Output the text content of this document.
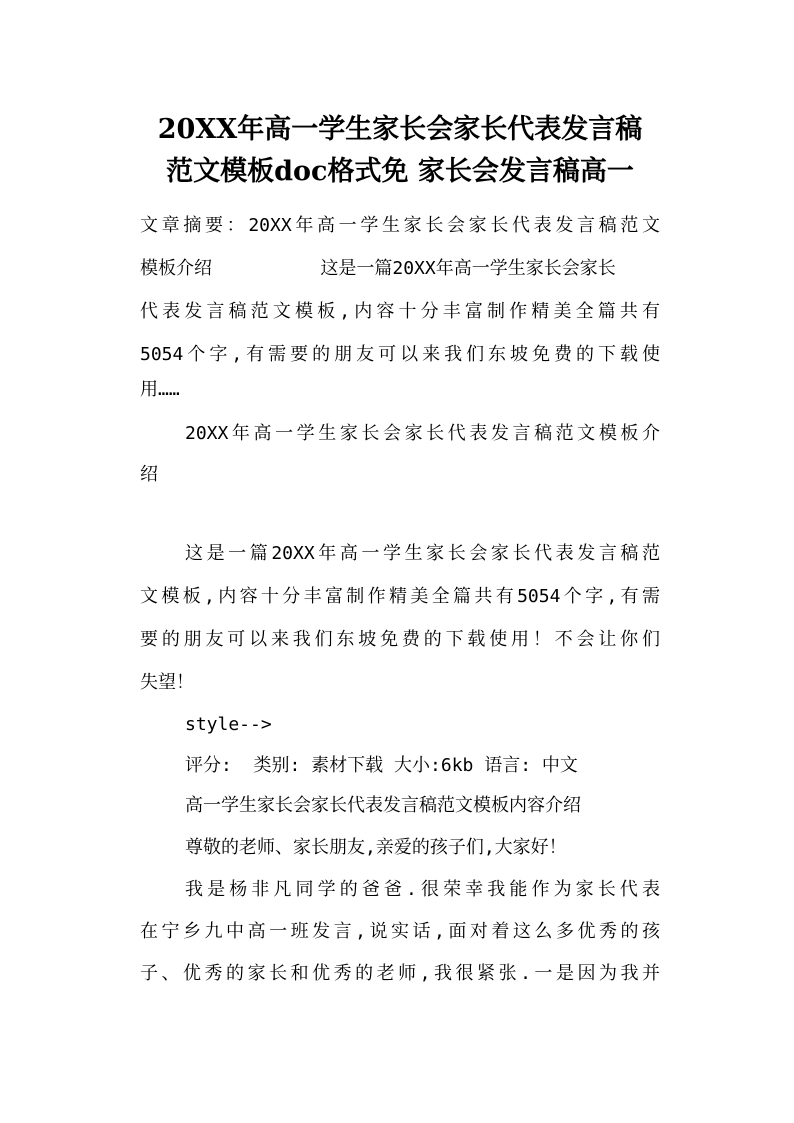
20XX年高一学生家长会家长代表发言稿
范文模板doc格式免 家长会发言稿高一
文章摘要：20XX年高一学生家长会家长代表发言稿范文
模板介绍          这是一篇20XX年高一学生家长会家长
代表发言稿范文模板,内容十分丰富制作精美全篇共有
5054个字,有需要的朋友可以来我们东坡免费的下载使
用……
20XX年高一学生家长会家长代表发言稿范文模板介
绍
这是一篇20XX年高一学生家长会家长代表发言稿范
文模板,内容十分丰富制作精美全篇共有5054个字,有需
要的朋友可以来我们东坡免费的下载使用！不会让你们
失望！
style-->
评分:  类别: 素材下载 大小:6kb 语言: 中文
高一学生家长会家长代表发言稿范文模板内容介绍
尊敬的老师、家长朋友,亲爱的孩子们,大家好！
我是杨非凡同学的爸爸.很荣幸我能作为家长代表
在宁乡九中高一班发言,说实话,面对着这么多优秀的孩
子、优秀的家长和优秀的老师,我很紧张.一是因为我并
